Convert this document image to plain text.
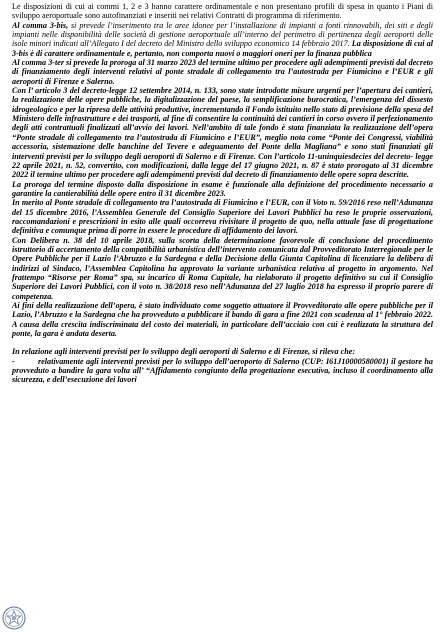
Le disposizioni di cui ai commi 1, 2 e 3 hanno carattere ordinamentale e non presentano profili di spesa in quanto i Piani di sviluppo aeroportuale sono autofinanziati e inseriti nei relativi Contratti di programma di riferimento.

Al comma 3-bis, si prevede l’inserimento tra le aree idonee per l’installazione di impianti a fonti rinnovabili, dei siti e degli impianti nelle disponibilità delle società di gestione aeroportuale all’interno del perimetro di pertinenza degli aeroporti delle isole minori indicati all’Allegato I del decreto del Ministro dello sviluppo economico 14 febbraio 2017. La disposizione di cui al 3-bis è di carattere ordinamentale e, pertanto, non comporta nuovi o maggiori oneri per la finanza pubblica

Al comma 3-ter si prevede la proroga al 31 marzo 2023 del termine ultimo per procedere agli adempimenti previsti dal decreto di finanziamento degli interventi relativi al ponte stradale di collegamento tra l’autostrada per Fiumicino e l’EUR e gli aeroporti di Firenze e Salerno.

Con l’ articolo 3 del decreto-legge 12 settembre 2014, n. 133, sono state introdotte misure urgenti per l’apertura dei cantieri, la realizzazione delle opere pubbliche, la digitalizzazione del paese, la semplificazione burocratica, l’emergenza del dissesto idrogeologico e per la ripresa delle attività produttive, incrementando il Fondo istituito nello stato di previsione della spesa del Ministero delle infrastrutture e dei trasporti, al fine di consentire la continuità dei cantieri in corso ovvero il perfezionamento degli atti contrattuali finalizzati all’avvio dei lavori. Nell’ambito di tale fondo è stata finanziata la realizzazione dell’opera “Ponte stradale di collegamento tra l’autostrada di Fiumicino e l’EUR”, meglio nota come “Ponte dei Congressi, viabilità accessoria, sistemazione delle banchine del Tevere e adeguamento del Ponte della Magliana” e sono stati finanziati gli interventi previsti per lo sviluppo degli aeroporti di Salerno e di Firenze. Con l’articolo 11-uninquiesdecies del decreto- legge 22 aprile 2021, n. 52, convertito, con modificazioni, dalla legge del 17 giugno 2021, n. 87 è stato prorogato al 31 dicembre 2022 il termine ultimo per procedere agli adempimenti previsti dal decreto di finanziamento delle opere sopra descritte.

La proroga del termine disposto dalla disposizione in esame è funzionale alla definizione del procedimento necessario a garantire la cantierabilità delle opere entro il 31 dicembre 2023.

In merito al Ponte stradale di collegamento tra l’autostrada di Fiumicino e l’EUR, con il Voto n. 59/2016 reso nell’Adunanza del 15 dicembre 2016, l’Assemblea Generale del Consiglio Superiore dei Lavori Pubblici ha reso le proprie osservazioni, raccomandazioni e prescrizioni in esito alle quali occorreva rivisitare il progetto de quo, nella attuale fase di progettazione definitiva e comunque prima di porre in essere le procedure di affidamento dei lavori.

Con Delibera n. 38 del 10 aprile 2018, sulla scorta della determinazione favorevole di conclusione del procedimento istruttorio di accertamento della compatibilità urbanistica dell’intervento comunicata dal Provveditorato Interregionale per le Opere Pubbliche per il Lazio l’Abruzzo e la Sardegna e della Decisione della Giunta Capitolina di licenziare la delibera di indirizzi al Sindaco, l’Assemblea Capitolina ha approvato la variante urbanistica relativa al progetto in argomento. Nel frattempo “Risorse per Roma” spa, su incarico di Roma Capitale, ha rielaborato il progetto definitivo su cui il Consiglio Superiore dei Lavori Pubblici, con il voto n. 38/2018 reso nell’Adunanza del 27 luglio 2018 ha espresso il proprio parere di competenza.

Ai fini della realizzazione dell’opera, è stato individuato come soggetto attuatore il Provveditorato alle opere pubbliche per il Lazio, l’Abruzzo e la Sardegna che ha provveduto a pubblicare il bando di gara a fine 2021 con scadenza al 1° febbraio 2022. A causa della crescita indiscriminata del costo dei materiali, in particolare dell’acciaio con cui è realizzata la struttura del ponte, la gara è andata deserta.

In relazione agli interventi previsti per lo sviluppo degli aeroporti di Salerno e di Firenze, si rileva che:

-	relativamente agli interventi previsti per lo sviluppo dell’aeroporto di Salerno (CUP: I61J10000580001) il gestore ha provveduto a bandire la gara volta all’ “Affidamento congiunto della progettazione esecutiva, incluso il coordinamento alla sicurezza, e dell’esecuzione dei lavori
